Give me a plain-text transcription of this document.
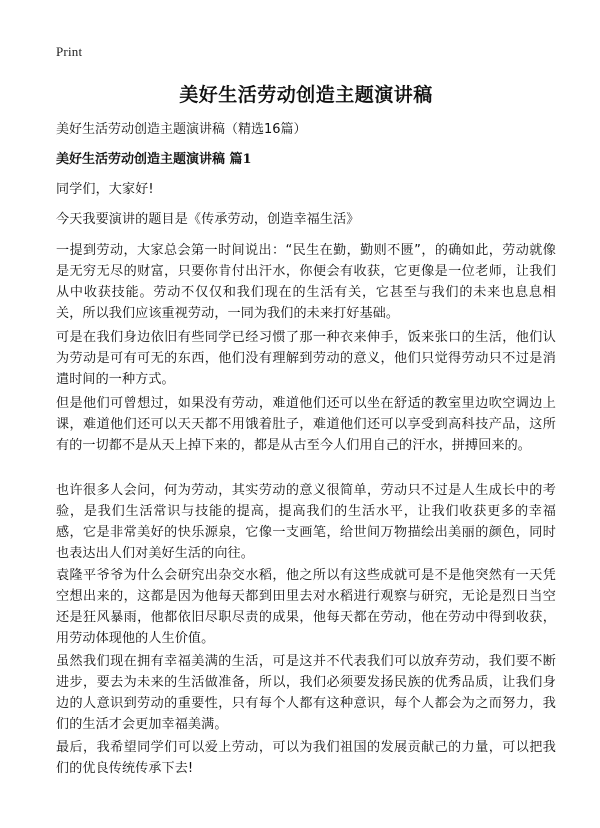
Print
美好生活劳动创造主题演讲稿
美好生活劳动创造主题演讲稿（精选16篇）
美好生活劳动创造主题演讲稿 篇1

同学们，大家好!

今天我要演讲的题目是《传承劳动，创造幸福生活》

一提到劳动，大家总会第一时间说出：“民生在勤，勤则不匮”，的确如此，劳动就像是无穷无尽的财富，只要你肯付出汗水，你便会有收获，它更像是一位老师，让我们从中收获技能。劳动不仅仅和我们现在的生活有关，它甚至与我们的未来也息息相关，所以我们应该重视劳动，一同为我们的未来打好基础。

可是在我们身边依旧有些同学已经习惯了那一种衣来伸手，饭来张口的生活，他们认为劳动是可有可无的东西，他们没有理解到劳动的意义，他们只觉得劳动只不过是消遣时间的一种方式。

但是他们可曾想过，如果没有劳动，难道他们还可以坐在舒适的教室里边吹空调边上课，难道他们还可以天天都不用饿着肚子，难道他们还可以享受到高科技产品，这所有的一切都不是从天上掉下来的，都是从古至今人们用自己的汗水，拼搏回来的。

也许很多人会问，何为劳动，其实劳动的意义很简单，劳动只不过是人生成长中的考验，是我们生活常识与技能的提高，提高我们的生活水平，让我们收获更多的幸福感，它是非常美好的快乐源泉，它像一支画笔，给世间万物描绘出美丽的颜色，同时也表达出人们对美好生活的向往。

袁隆平爷爷为什么会研究出杂交水稻，他之所以有这些成就可是不是他突然有一天凭空想出来的，这都是因为他每天都到田里去对水稻进行观察与研究，无论是烈日当空还是狂风暴雨，他都依旧尽职尽责的成果，他每天都在劳动，他在劳动中得到收获，用劳动体现他的人生价值。

虽然我们现在拥有幸福美满的生活，可是这并不代表我们可以放弃劳动，我们要不断进步，要去为未来的生活做准备，所以，我们必须要发扬民族的优秀品质，让我们身边的人意识到劳动的重要性，只有每个人都有这种意识，每个人都会为之而努力，我们的生活才会更加幸福美满。

最后，我希望同学们可以爱上劳动，可以为我们祖国的发展贡献己的力量，可以把我们的优良传统传承下去!
